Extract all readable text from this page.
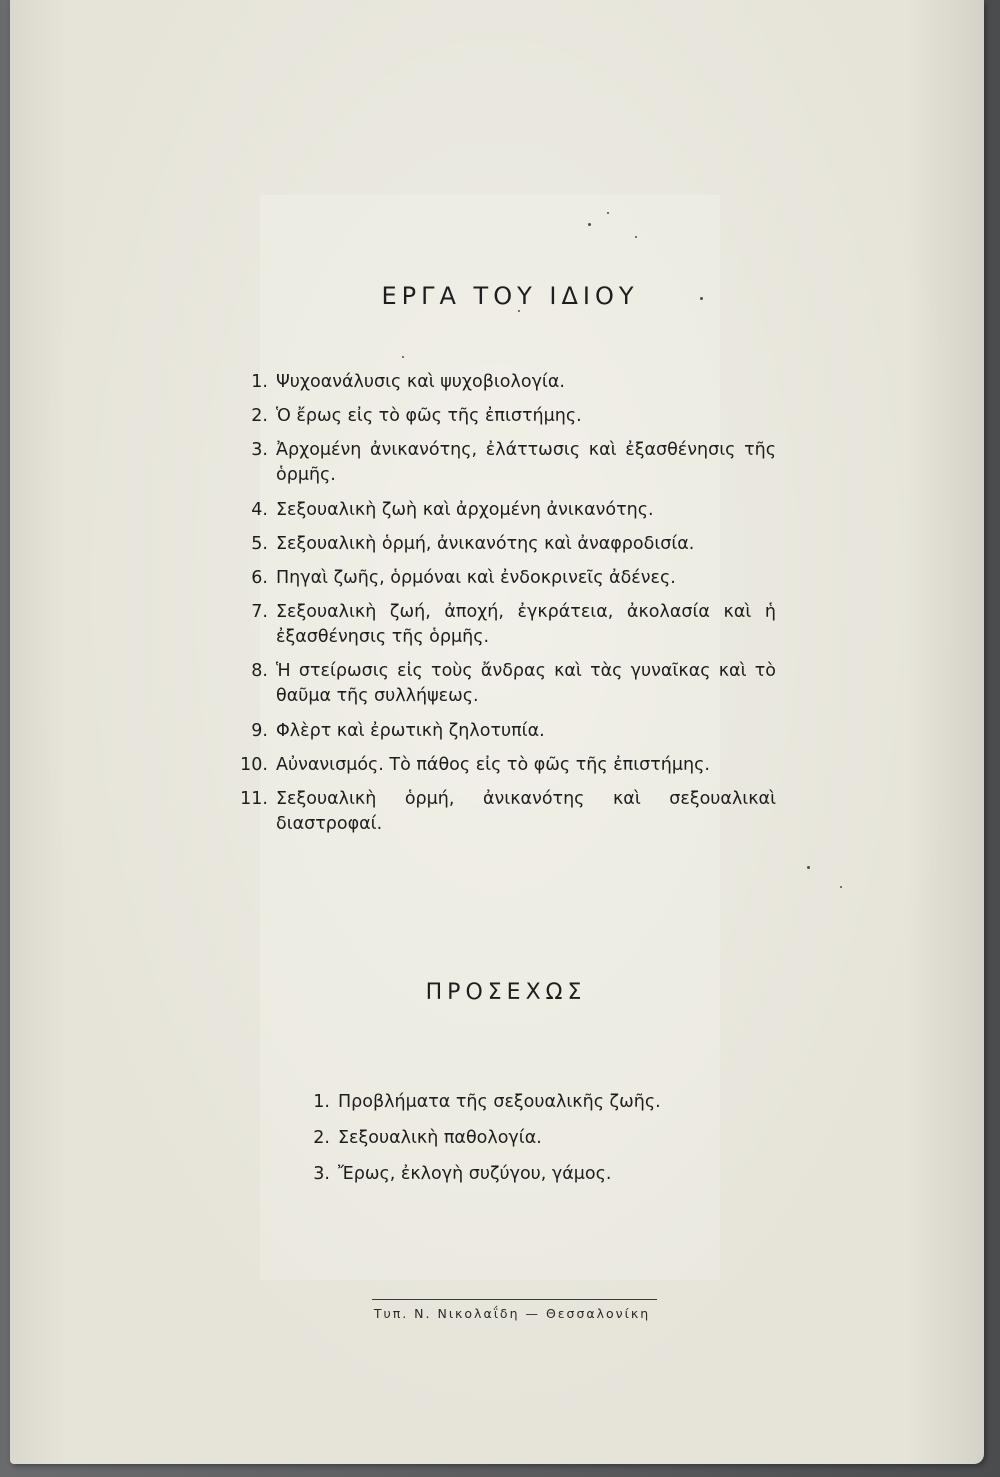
ΕΡΓΑ ΤΟΥ ΙΔΙΟΥ
1. Ψυχοανάλυσις καὶ ψυχοβιολογία.
2. Ὁ ἔρως εἰς τὸ φῶς τῆς ἐπιστήμης.
3. Ἀρχομένη ἀνικανότης, ἐλάττωσις καὶ ἐξασθένησις τῆς ὁρμῆς.
4. Σεξουαλικὴ ζωὴ καὶ ἀρχομένη ἀνικανότης.
5. Σεξουαλικὴ ὁρμή, ἀνικανότης καὶ ἀναφροδισία.
6. Πηγαὶ ζωῆς, ὁρμόναι καὶ ἐνδοκρινεῖς ἀδένες.
7. Σεξουαλικὴ ζωή, ἀποχή, ἐγκράτεια, ἀκολασία καὶ ἡ ἐξασθένησις τῆς ὁρμῆς.
8. Ἡ στείρωσις εἰς τοὺς ἄνδρας καὶ τὰς γυναῖκας καὶ τὸ θαῦμα τῆς συλλήψεως.
9. Φλὲρτ καὶ ἐρωτικὴ ζηλοτυπία.
10. Αὐνανισμός. Τὸ πάθος εἰς τὸ φῶς τῆς ἐπιστήμης.
11. Σεξουαλικὴ ὁρμή, ἀνικανότης καὶ σεξουαλικαὶ διαστροφαί.
ΠΡΟΣΕΧΩΣ
1. Προβλήματα τῆς σεξουαλικῆς ζωῆς.
2. Σεξουαλικὴ παθολογία.
3. Ἔρως, ἐκλογὴ συζύγου, γάμος.

Τυπ. Ν. Νικολαΐδη — Θεσσαλονίκη
